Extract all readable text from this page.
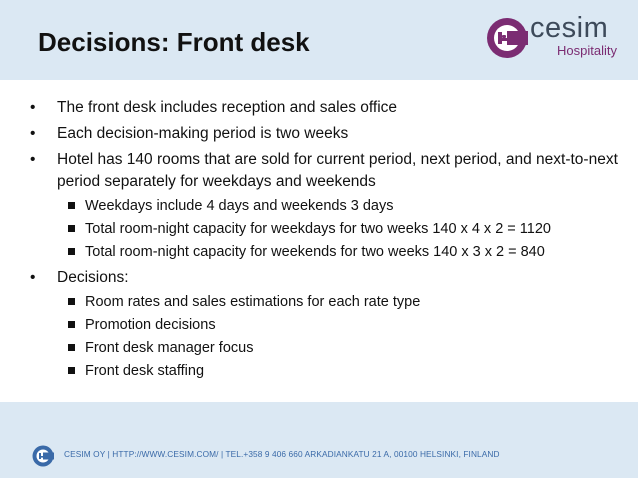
Decisions: Front desk	cesim
Hospitality
•	The front desk includes reception and sales office
•	Each decision-making period is two weeks
•	Hotel has 140 rooms that are sold for current period, next period, and next-to-next period separately for weekdays and weekends
Weekdays include 4 days and weekends 3 days
Total room-night capacity for weekdays for two weeks 140 x 4 x 2 = 1120
Total room-night capacity for weekends for two weeks 140 x 3 x 2 = 840
•	Decisions:
Room rates and sales estimations for each rate type
Promotion decisions
Front desk manager focus
Front desk staffing
CESIM OY | HTTP://WWW.CESIM.COM/ | TEL.+358 9 406 660 ARKADIANKATU 21 A, 00100 HELSINKI, FINLAND
